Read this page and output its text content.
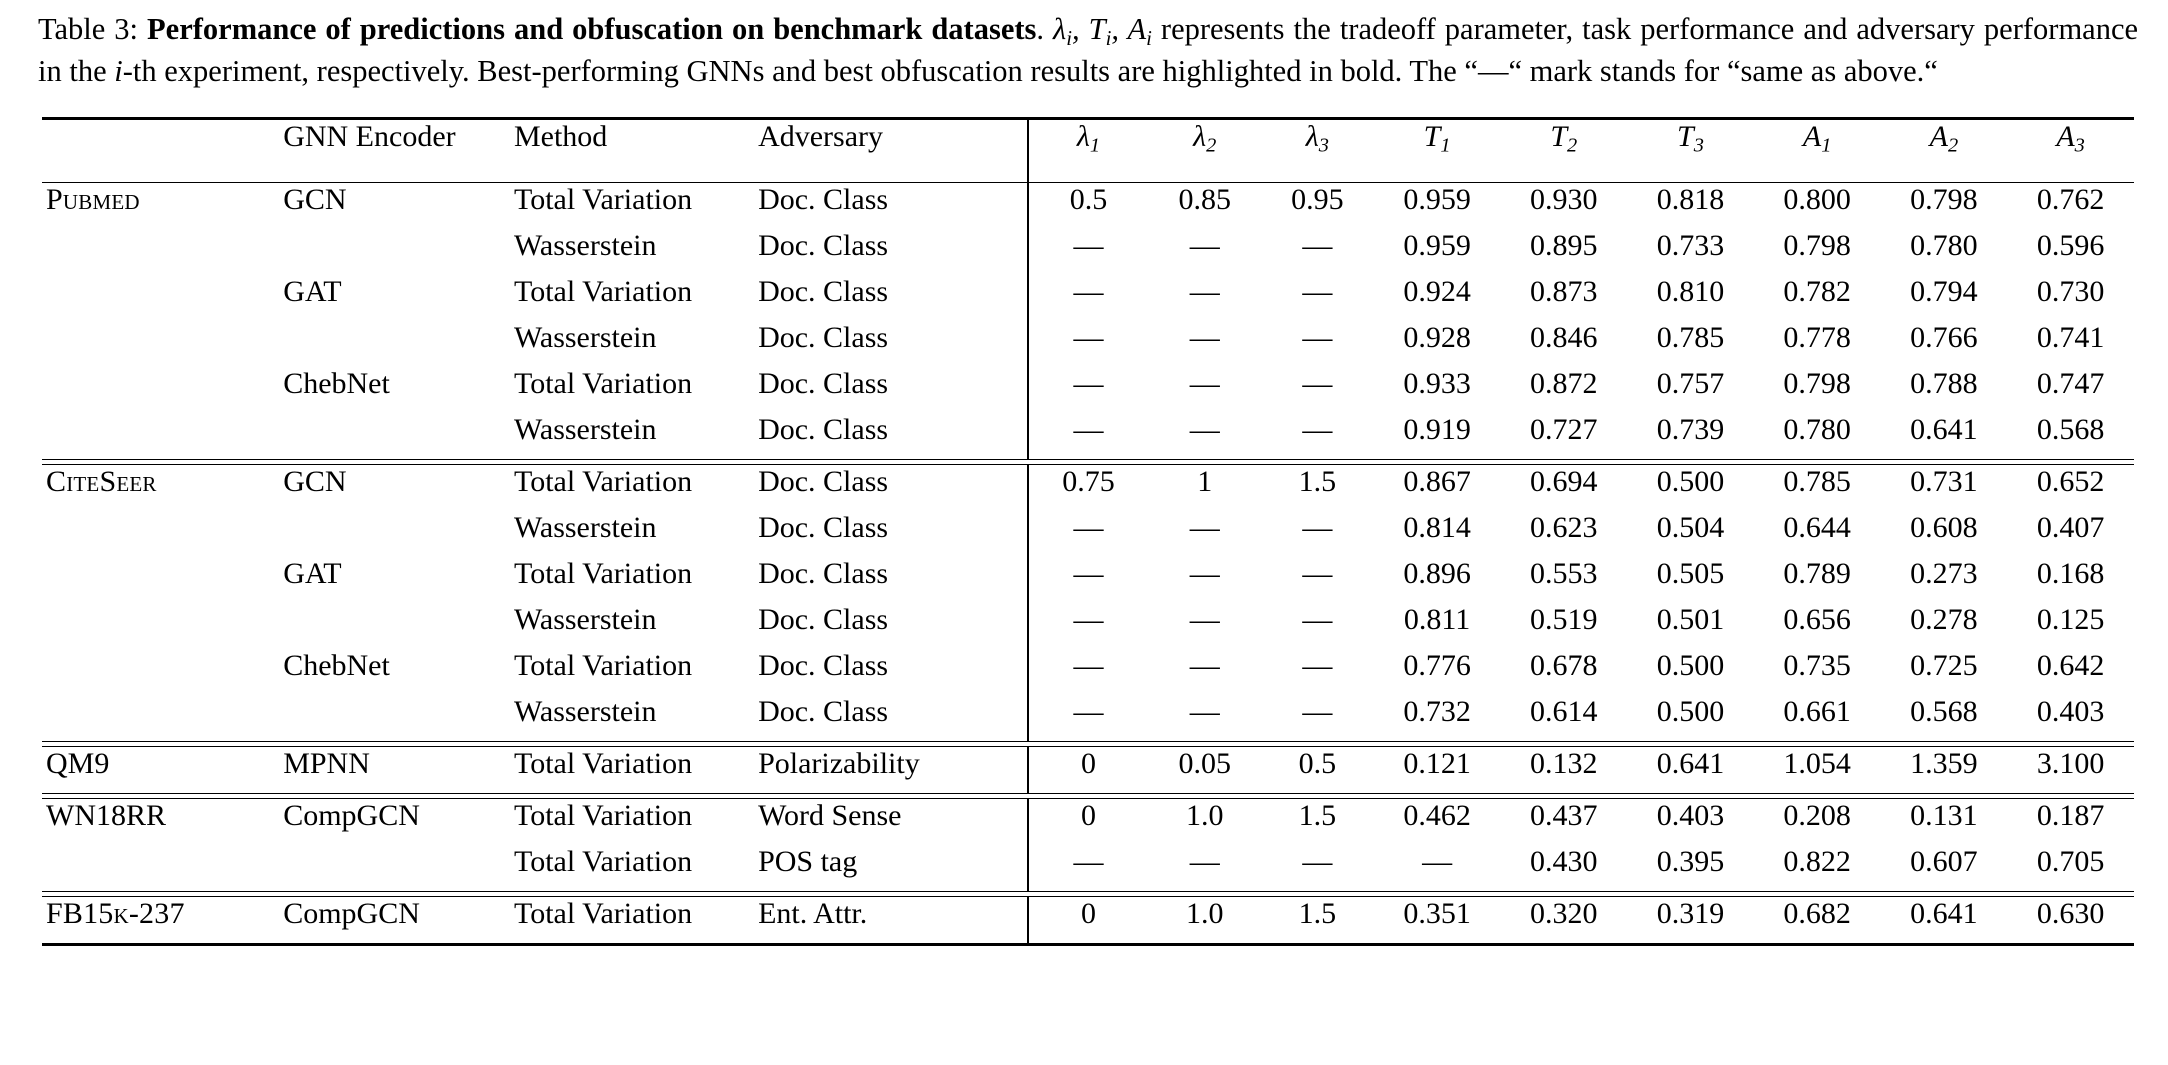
Table 3: Performance of predictions and obfuscation on benchmark datasets. $\lambda_i$, $T_i$, $A_i$ represents the tradeoff parameter, task performance and adversary performance in the i-th experiment, respectively. Best-performing GNNs and best obfuscation results are highlighted in bold. The “—“ mark stands for “same as above.“

	GNN Encoder	Method	Adversary	$\lambda_1$	$\lambda_2$	$\lambda_3$	$T_1$	$T_2$	$T_3$	$A_1$	$A_2$	$A_3$
Pubmed	GCN	Total Variation	Doc. Class	0.5	0.85	0.95	0.959	0.930	0.818	0.800	0.798	0.762
		Wasserstein	Doc. Class	—	—	—	0.959	0.895	0.733	0.798	0.780	0.596
	GAT	Total Variation	Doc. Class	—	—	—	0.924	0.873	0.810	0.782	0.794	0.730
		Wasserstein	Doc. Class	—	—	—	0.928	0.846	0.785	0.778	0.766	0.741
	ChebNet	Total Variation	Doc. Class	—	—	—	0.933	0.872	0.757	0.798	0.788	0.747
		Wasserstein	Doc. Class	—	—	—	0.919	0.727	0.739	0.780	0.641	0.568

CiteSeer	GCN	Total Variation	Doc. Class	0.75	1	1.5	0.867	0.694	0.500	0.785	0.731	0.652
		Wasserstein	Doc. Class	—	—	—	0.814	0.623	0.504	0.644	0.608	0.407
	GAT	Total Variation	Doc. Class	—	—	—	0.896	0.553	0.505	0.789	0.273	0.168
		Wasserstein	Doc. Class	—	—	—	0.811	0.519	0.501	0.656	0.278	0.125
	ChebNet	Total Variation	Doc. Class	—	—	—	0.776	0.678	0.500	0.735	0.725	0.642
		Wasserstein	Doc. Class	—	—	—	0.732	0.614	0.500	0.661	0.568	0.403

QM9	MPNN	Total Variation	Polarizability	0	0.05	0.5	0.121	0.132	0.641	1.054	1.359	3.100

WN18RR	CompGCN	Total Variation	Word Sense	0	1.0	1.5	0.462	0.437	0.403	0.208	0.131	0.187
		Total Variation	POS tag	—	—	—	—	0.430	0.395	0.822	0.607	0.705

FB15k-237	CompGCN	Total Variation	Ent. Attr.	0	1.0	1.5	0.351	0.320	0.319	0.682	0.641	0.630
